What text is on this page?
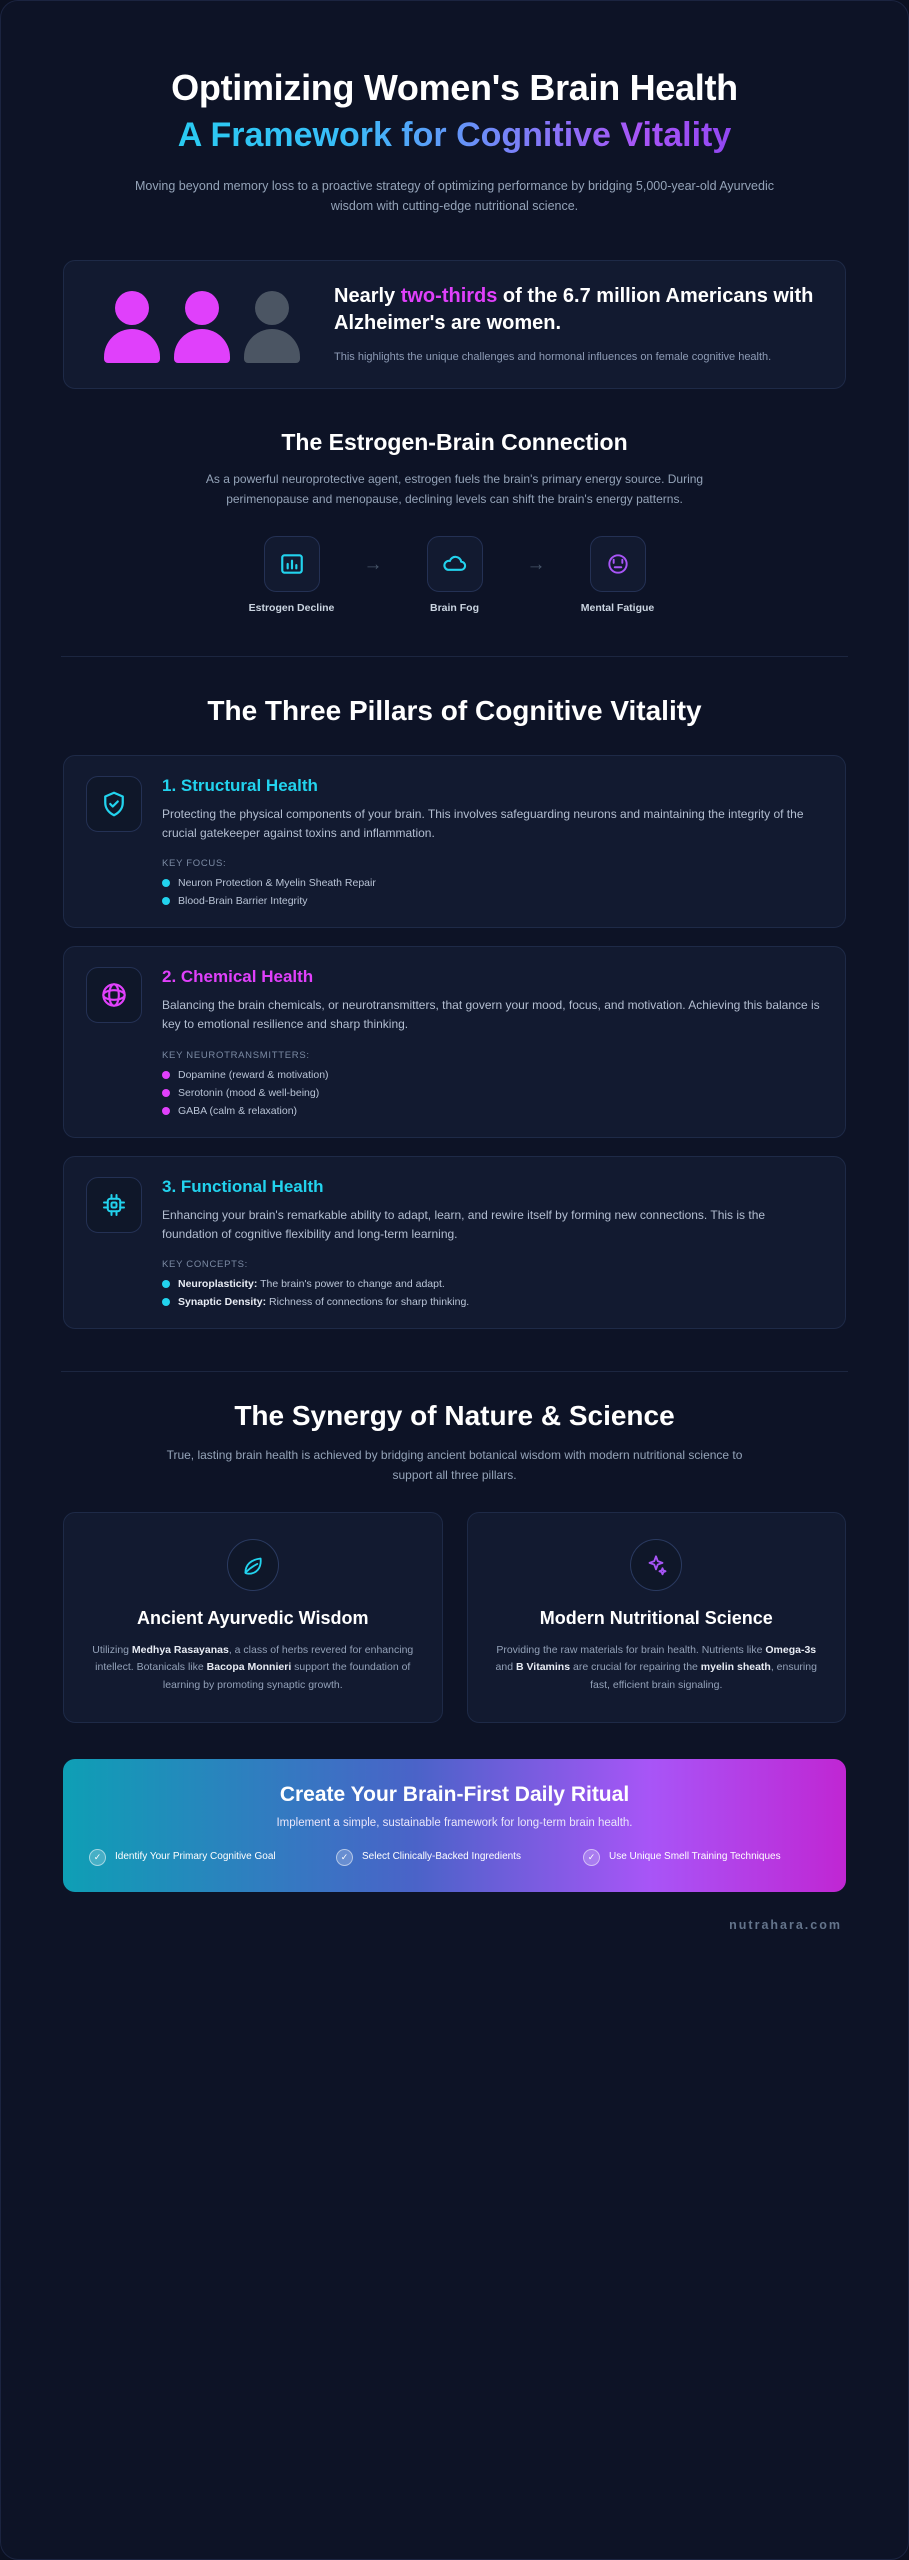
Optimizing Women's Brain Health
A Framework for Cognitive Vitality
Moving beyond memory loss to a proactive strategy of optimizing performance by bridging 5,000-year-old Ayurvedic wisdom with cutting-edge nutritional science.
Nearly two-thirds of the 6.7 million Americans with Alzheimer's are women.
This highlights the unique challenges and hormonal influences on female cognitive health.
The Estrogen-Brain Connection
As a powerful neuroprotective agent, estrogen fuels the brain's primary energy source. During perimenopause and menopause, declining levels can shift the brain's energy patterns.
Estrogen Decline
→
Brain Fog
→
Mental Fatigue
The Three Pillars of Cognitive Vitality
1. Structural Health
Protecting the physical components of your brain. This involves safeguarding neurons and maintaining the integrity of the crucial gatekeeper against toxins and inflammation.
KEY FOCUS:
Neuron Protection & Myelin Sheath Repair
Blood-Brain Barrier Integrity
2. Chemical Health
Balancing the brain chemicals, or neurotransmitters, that govern your mood, focus, and motivation. Achieving this balance is key to emotional resilience and sharp thinking.
KEY NEUROTRANSMITTERS:
Dopamine (reward & motivation)
Serotonin (mood & well-being)
GABA (calm & relaxation)
3. Functional Health
Enhancing your brain's remarkable ability to adapt, learn, and rewire itself by forming new connections. This is the foundation of cognitive flexibility and long-term learning.
KEY CONCEPTS:
Neuroplasticity: The brain's power to change and adapt.
Synaptic Density: Richness of connections for sharp thinking.
The Synergy of Nature & Science
True, lasting brain health is achieved by bridging ancient botanical wisdom with modern nutritional science to support all three pillars.
Ancient Ayurvedic Wisdom
Utilizing Medhya Rasayanas, a class of herbs revered for enhancing intellect. Botanicals like Bacopa Monnieri support the foundation of learning by promoting synaptic growth.
Modern Nutritional Science
Providing the raw materials for brain health. Nutrients like Omega-3s and B Vitamins are crucial for repairing the myelin sheath, ensuring fast, efficient brain signaling.
Create Your Brain-First Daily Ritual
Implement a simple, sustainable framework for long-term brain health.
✓	Identify Your Primary Cognitive Goal	✓	Select Clinically-Backed Ingredients	✓	Use Unique Smell Training Techniques
nutrahara.com
